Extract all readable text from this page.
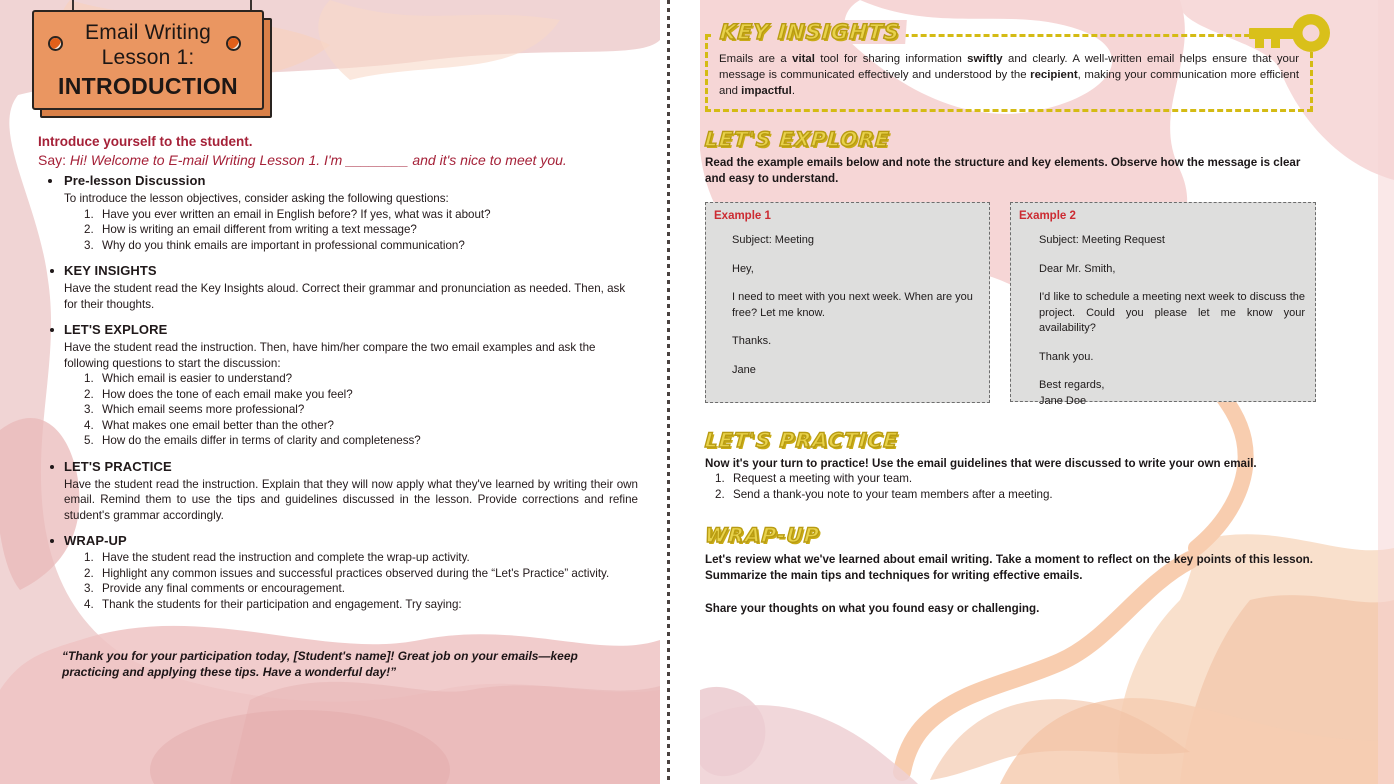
Email Writing
Lesson 1:
INTRODUCTION
Introduce yourself to the student.
Say: Hi! Welcome to E-mail Writing Lesson 1. I'm ________ and it's nice to meet you.
Pre-lesson Discussion
To introduce the lesson objectives, consider asking the following questions:
Have you ever written an email in English before? If yes, what was it about?
How is writing an email different from writing a text message?
Why do you think emails are important in professional communication?
KEY INSIGHTS
Have the student read the Key Insights aloud. Correct their grammar and pronunciation as needed. Then, ask for their thoughts.
LET'S EXPLORE
Have the student read the instruction. Then, have him/her compare the two email examples and ask the following questions to start the discussion:
Which email is easier to understand?
How does the tone of each email make you feel?
Which email seems more professional?
What makes one email better than the other?
How do the emails differ in terms of clarity and completeness?
LET'S PRACTICE
Have the student read the instruction. Explain that they will now apply what they've learned by writing their own email. Remind them to use the tips and guidelines discussed in the lesson. Provide corrections and refine student's grammar accordingly.
WRAP-UP
Have the student read the instruction and complete the wrap-up activity.
Highlight any common issues and successful practices observed during the “Let's Practice” activity.
Provide any final comments or encouragement.
Thank the students for their participation and engagement. Try saying:
“Thank you for your participation today, [Student's name]! Great job on your emails—keep practicing and applying these tips. Have a wonderful day!”
KEY INSIGHTS
Emails are a vital tool for sharing information swiftly and clearly. A well-written email helps ensure that your message is communicated effectively and understood by the recipient, making your communication more efficient and impactful.
LET'S EXPLORE
Read the example emails below and note the structure and key elements. Observe how the message is clear and easy to understand.
Example 1

Subject: Meeting

Hey,

I need to meet with you next week. When are you free? Let me know.

Thanks.

Jane

Example 2

Subject: Meeting Request

Dear Mr. Smith,

I'd like to schedule a meeting next week to discuss the project. Could you please let me know your availability?

Thank you.

Best regards,
Jane Doe

LET'S PRACTICE
Now it's your turn to practice! Use the email guidelines that were discussed to write your own email.
Request a meeting with your team.
Send a thank-you note to your team members after a meeting.
WRAP-UP
Let's review what we've learned about email writing. Take a moment to reflect on the key points of this lesson. Summarize the main tips and techniques for writing effective emails.
Share your thoughts on what you found easy or challenging.
